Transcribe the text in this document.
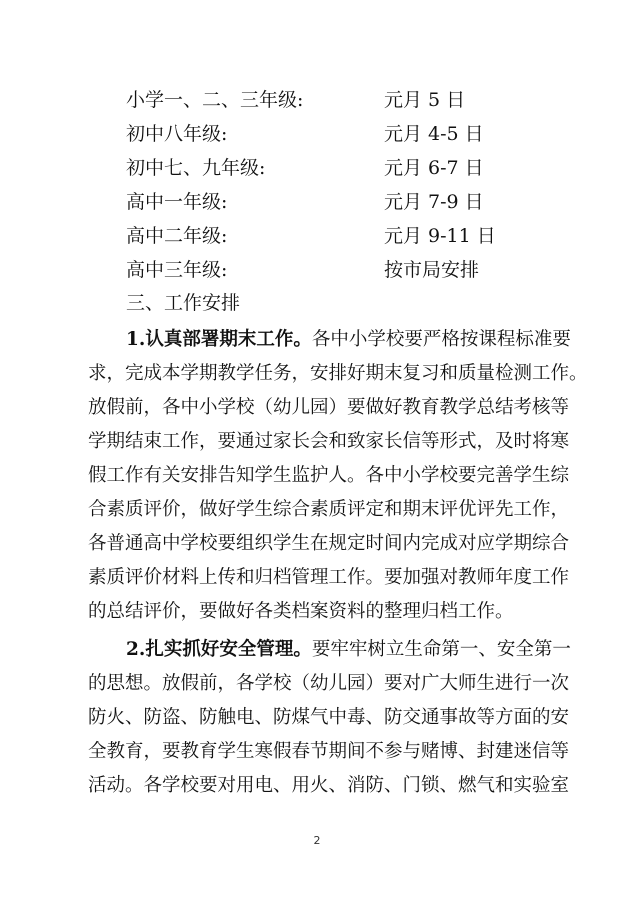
小学一、二、三年级:	元月 5 日
初中八年级:	元月 4-5 日
初中七、九年级:	元月 6-7 日
高中一年级:	元月 7-9 日
高中二年级:	元月 9-11 日
高中三年级:	按市局安排
三、工作安排
1.认真部署期末工作。各中小学校要严格按课程标准要
求，完成本学期教学任务，安排好期末复习和质量检测工作。
放假前，各中小学校（幼儿园）要做好教育教学总结考核等
学期结束工作，要通过家长会和致家长信等形式，及时将寒
假工作有关安排告知学生监护人。各中小学校要完善学生综
合素质评价，做好学生综合素质评定和期末评优评先工作，
各普通高中学校要组织学生在规定时间内完成对应学期综合
素质评价材料上传和归档管理工作。要加强对教师年度工作
的总结评价，要做好各类档案资料的整理归档工作。
2.扎实抓好安全管理。要牢牢树立生命第一、安全第一
的思想。放假前，各学校（幼儿园）要对广大师生进行一次
防火、防盗、防触电、防煤气中毒、防交通事故等方面的安
全教育，要教育学生寒假春节期间不参与赌博、封建迷信等
活动。各学校要对用电、用火、消防、门锁、燃气和实验室
2
